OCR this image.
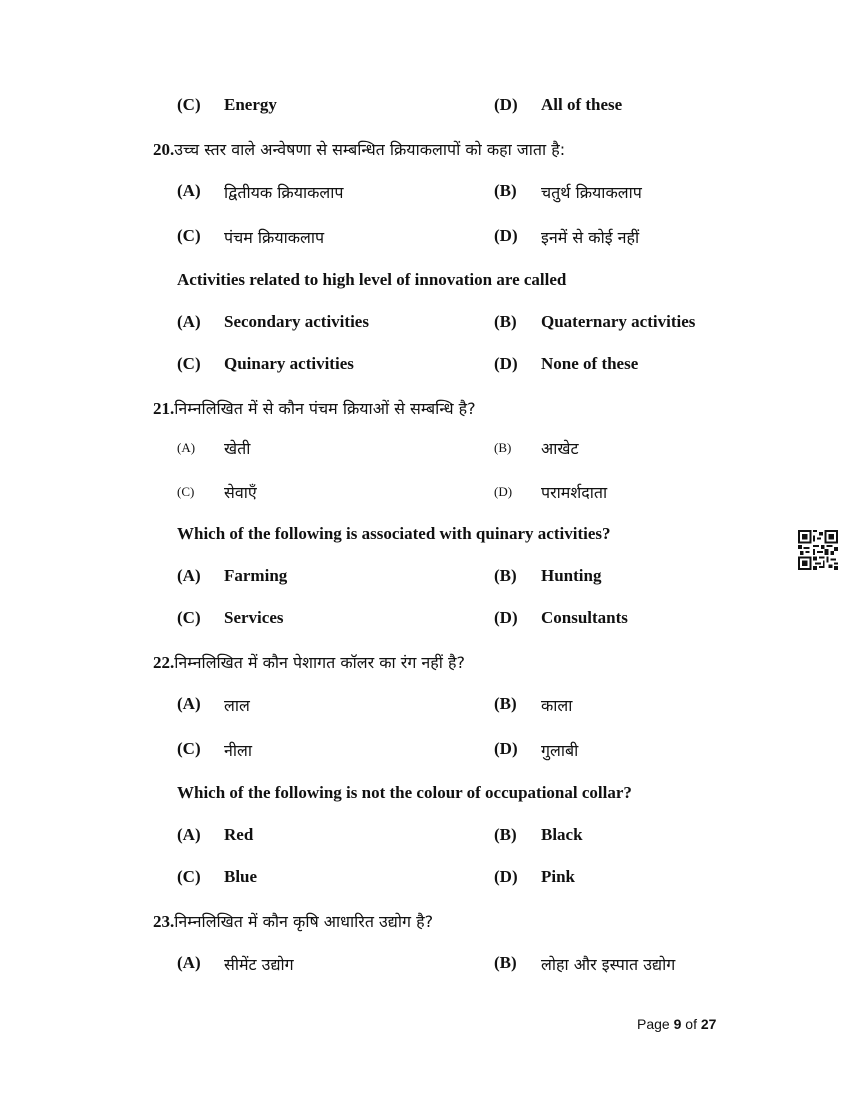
(C) Energy	(D) All of these
20.उच्च स्तर वाले अन्वेषणा से सम्बन्धित क्रियाकलापों को कहा जाता है:
(A) द्वितीयक क्रियाकलाप	(B) चतुर्थ क्रियाकलाप
(C) पंचम क्रियाकलाप	(D) इनमें से कोई नहीं
Activities related to high level of innovation are called
(A) Secondary activities	(B) Quaternary activities
(C) Quinary activities	(D) None of these
21.निम्नलिखित में से कौन पंचम क्रियाओं से सम्बन्धि है?
(A) खेती	(B) आखेट
(C) सेवाएँ	(D) परामर्शदाता
Which of the following is associated with quinary activities?
(A) Farming	(B) Hunting
(C) Services	(D) Consultants
22.निम्नलिखित में कौन पेशागत कॉलर का रंग नहीं है?
(A) लाल	(B) काला
(C) नीला	(D) गुलाबी
Which of the following is not the colour of occupational collar?
(A) Red	(B) Black
(C) Blue	(D) Pink
23.निम्नलिखित में कौन कृषि आधारित उद्योग है?
(A) सीमेंट उद्योग	(B) लोहा और इस्पात उद्योग
Page 9 of 27
